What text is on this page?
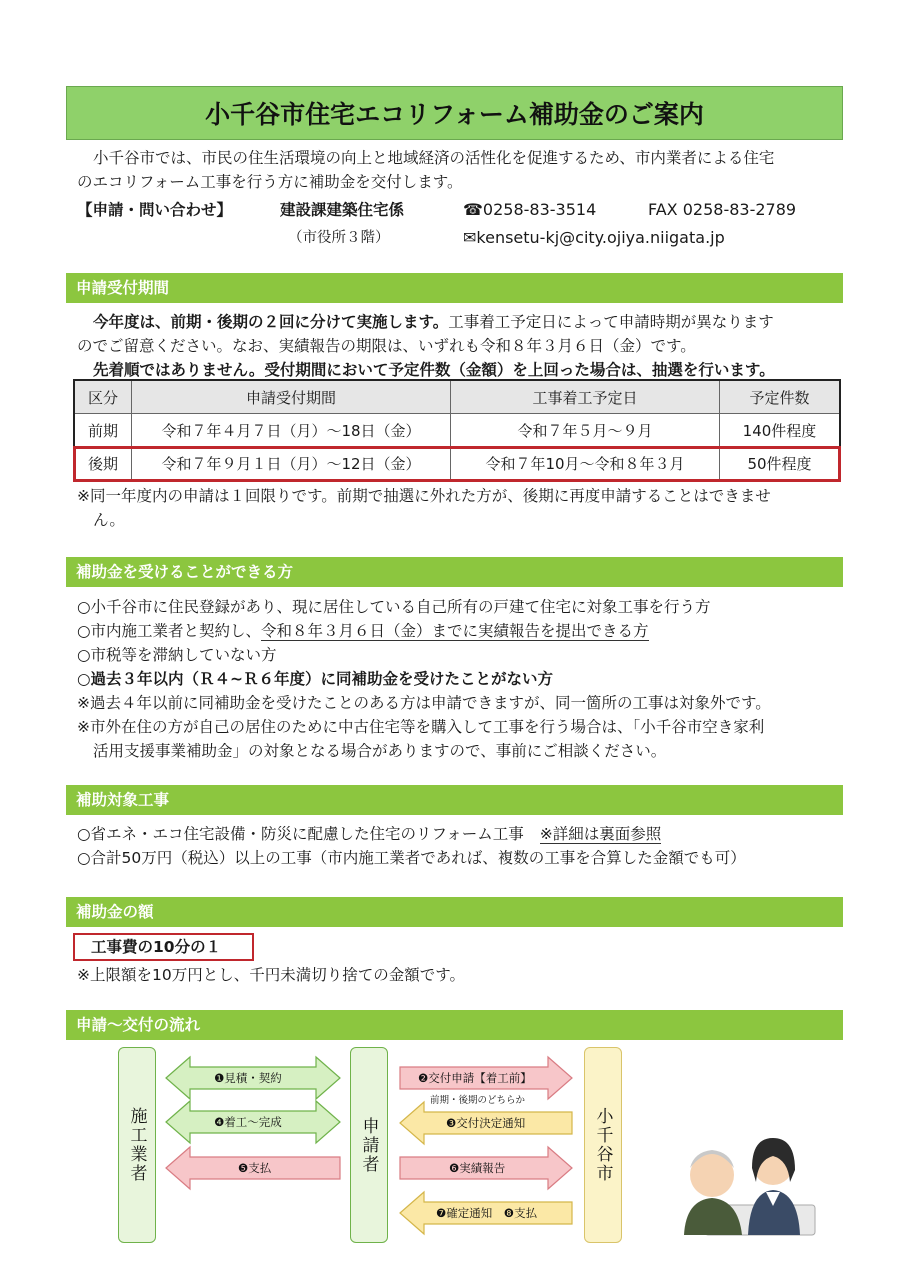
小千谷市住宅エコリフォーム補助金のご案内
小千谷市では、市民の住生活環境の向上と地域経済の活性化を促進するため、市内業者による住宅
のエコリフォーム工事を行う方に補助金を交付します。
【申請・問い合わせ】	建設課建築住宅係
（市役所３階）
☎0258-83-3514	FAX 0258-83-2789
✉kensetu-kj@city.ojiya.niigata.jp
申請受付期間
今年度は、前期・後期の２回に分けて実施します。工事着工予定日によって申請時期が異なります
のでご留意ください。なお、実績報告の期限は、いずれも令和８年３月６日（金）です。
先着順ではありません。受付期間において予定件数（金額）を上回った場合は、抽選を行います。
区分	申請受付期間	工事着工予定日	予定件数
前期	令和７年４月７日（月）～18日（金）	令和７年５月～９月	140件程度
後期	令和７年９月１日（月）～12日（金）	令和７年10月～令和８年３月	50件程度
※同一年度内の申請は１回限りです。前期で抽選に外れた方が、後期に再度申請することはできませ
ん。
補助金を受けることができる方
○小千谷市に住民登録があり、現に居住している自己所有の戸建て住宅に対象工事を行う方
○市内施工業者と契約し、令和８年３月６日（金）までに実績報告を提出できる方
○市税等を滞納していない方
○過去３年以内（Ｒ４~Ｒ６年度）に同補助金を受けたことがない方
※過去４年以前に同補助金を受けたことのある方は申請できますが、同一箇所の工事は対象外です。
※市外在住の方が自己の居住のために中古住宅等を購入して工事を行う場合は、「小千谷市空き家利
活用支援事業補助金」の対象となる場合がありますので、事前にご相談ください。
補助対象工事
○省エネ・エコ住宅設備・防災に配慮した住宅のリフォーム工事 ※詳細は裏面参照
○合計50万円（税込）以上の工事（市内施工業者であれば、複数の工事を合算した金額でも可）
補助金の額
工事費の10分の１
※上限額を10万円とし、千円未満切り捨ての金額です。
申請～交付の流れ
施工業者	申請者	小千谷市
❶見積・契約
❹着工～完成
❺支払
❷交付申請【着工前】
前期・後期のどちらか
❸交付決定通知
❻実績報告
❼確定通知　❽支払
